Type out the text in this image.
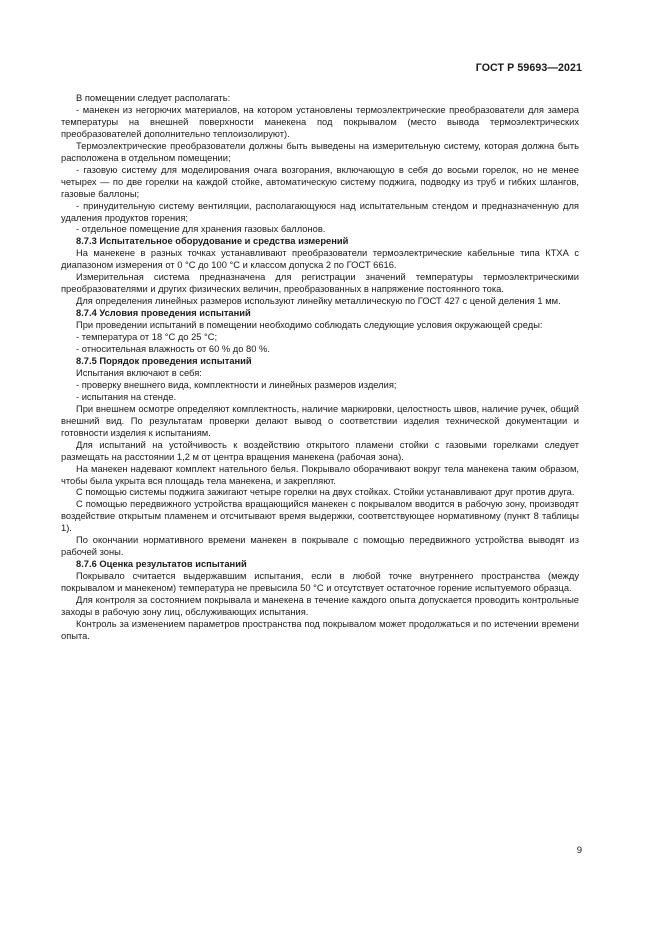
ГОСТ Р 59693—2021

В помещении следует располагать:

- манекен из негорючих материалов, на котором установлены термоэлектрические преобразователи для замера температуры на внешней поверхности манекена под покрывалом (место вывода термоэлектрических преобразователей дополнительно теплоизолируют).

Термоэлектрические преобразователи должны быть выведены на измерительную систему, которая должна быть расположена в отдельном помещении;

- газовую систему для моделирования очага возгорания, включающую в себя до восьми горелок, но не менее четырех — по две горелки на каждой стойке, автоматическую систему поджига, подводку из труб и гибких шлангов, газовые баллоны;

- принудительную систему вентиляции, располагающуюся над испытательным стендом и предназначенную для удаления продуктов горения;

- отдельное помещение для хранения газовых баллонов.

8.7.3 Испытательное оборудование и средства измерений

На манекене в разных точках устанавливают преобразователи термоэлектрические кабельные типа КТХА с диапазоном измерения от 0 °С до 100 °С и классом допуска 2 по ГОСТ 6616.

Измерительная система предназначена для регистрации значений температуры термоэлектрическими преобразователями и других физических величин, преобразованных в напряжение постоянного тока.

Для определения линейных размеров используют линейку металлическую по ГОСТ 427 с ценой деления 1 мм.

8.7.4 Условия проведения испытаний

При проведении испытаний в помещении необходимо соблюдать следующие условия окружающей среды:

- температура от 18 °С до 25 °С;

- относительная влажность от 60 % до 80 %.

8.7.5 Порядок проведения испытаний

Испытания включают в себя:

- проверку внешнего вида, комплектности и линейных размеров изделия;

- испытания на стенде.

При внешнем осмотре определяют комплектность, наличие маркировки, целостность швов, наличие ручек, общий внешний вид. По результатам проверки делают вывод о соответствии изделия технической документации и готовности изделия к испытаниям.

Для испытаний на устойчивость к воздействию открытого пламени стойки с газовыми горелками следует размещать на расстоянии 1,2 м от центра вращения манекена (рабочая зона).

На манекен надевают комплект нательного белья. Покрывало оборачивают вокруг тела манекена таким образом, чтобы была укрыта вся площадь тела манекена, и закрепляют.

С помощью системы поджига зажигают четыре горелки на двух стойках. Стойки устанавливают друг против друга.

С помощью передвижного устройства вращающийся манекен с покрывалом вводится в рабочую зону, производят воздействие открытым пламенем и отсчитывают время выдержки, соответствующее нормативному (пункт 8 таблицы 1).

По окончании нормативного времени манекен в покрывале с помощью передвижного устройства выводят из рабочей зоны.

8.7.6 Оценка результатов испытаний

Покрывало считается выдержавшим испытания, если в любой точке внутреннего пространства (между покрывалом и манекеном) температура не превысила 50 °С и отсутствует остаточное горение испытуемого образца.

Для контроля за состоянием покрывала и манекена в течение каждого опыта допускается проводить контрольные заходы в рабочую зону лиц, обслуживающих испытания.

Контроль за изменением параметров пространства под покрывалом может продолжаться и по истечении времени опыта.

9
